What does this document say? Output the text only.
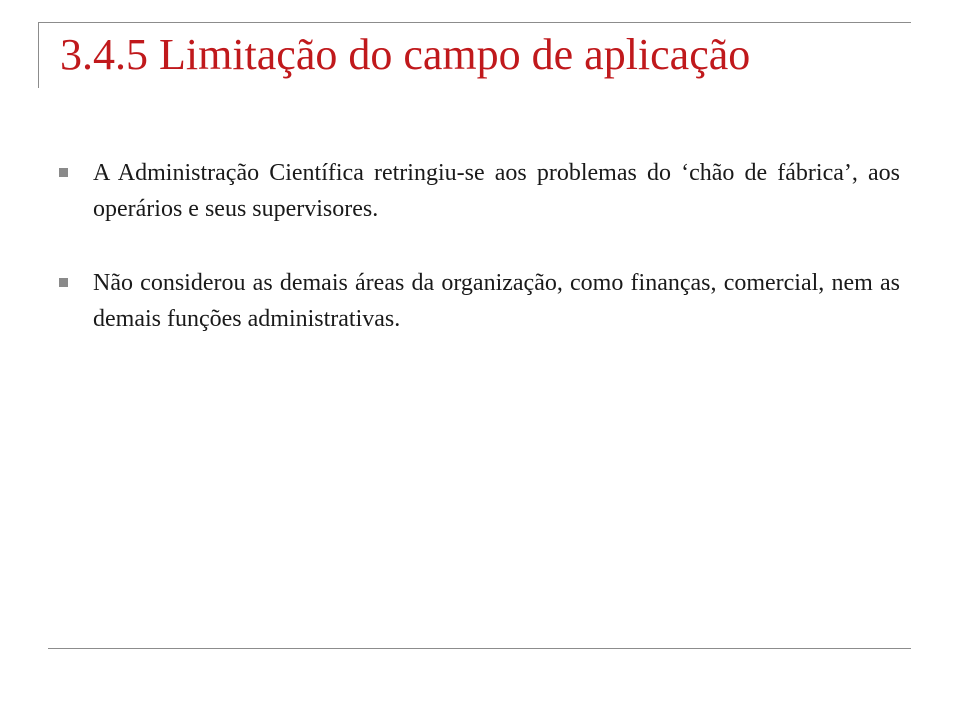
3.4.5 Limitação do campo de aplicação
A Administração Científica retringiu-se aos problemas do ‘chão de fábrica’, aos operários e seus supervisores.
Não considerou as demais áreas da organização, como finanças, comercial, nem as demais funções administrativas.
